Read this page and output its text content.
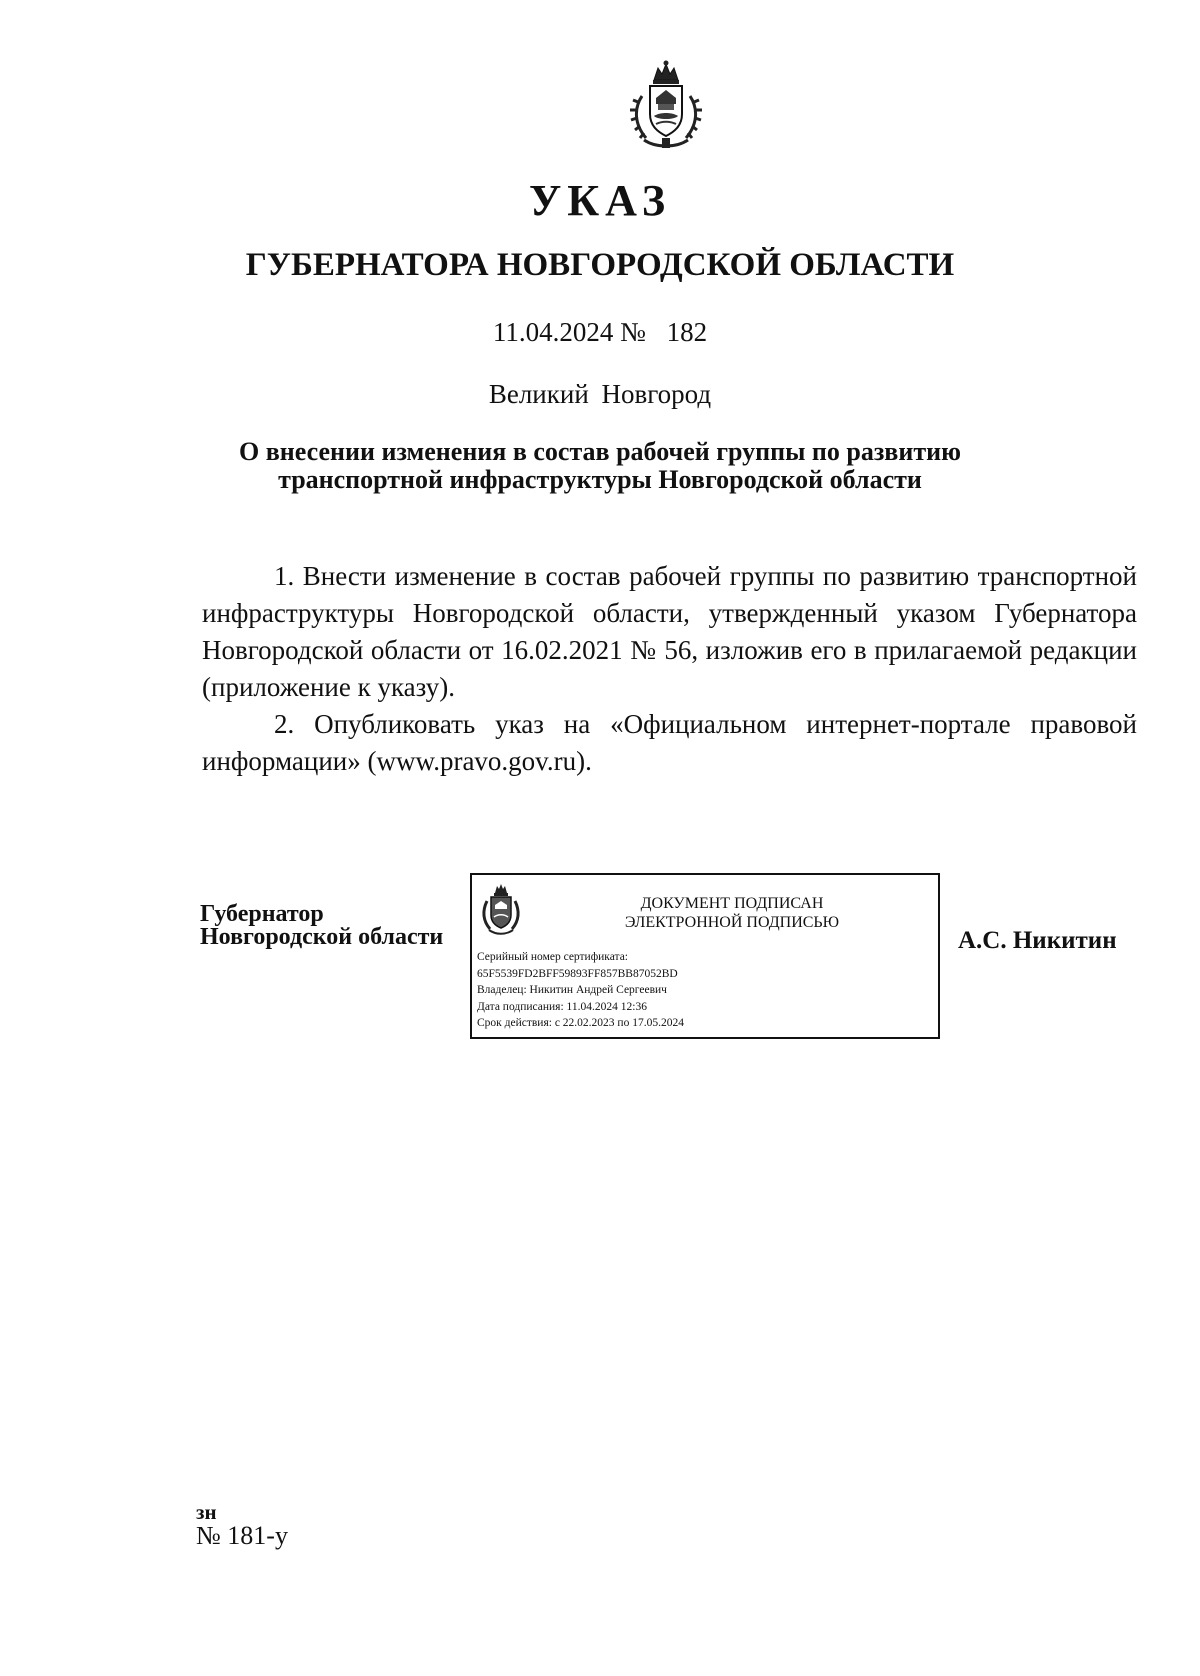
УКАЗ
ГУБЕРНАТОРА НОВГОРОДСКОЙ ОБЛАСТИ
11.04.2024 № 182
Великий Новгород
О внесении изменения в состав рабочей группы по развитию
транспортной инфраструктуры Новгородской области

1. Внести изменение в состав рабочей группы по развитию транспортной инфраструктуры Новгородской области, утвержденный указом Губернатора Новгородской области от 16.02.2021 № 56, изложив его в прилагаемой редакции (приложение к указу).

2. Опубликовать указ на «Официальном интернет-портале правовой информации» (www.pravo.gov.ru).

Губернатор
Новгородской области
ДОКУМЕНТ ПОДПИСАН
ЭЛЕКТРОННОЙ ПОДПИСЬЮ
Серийный номер сертификата:
65F5539FD2BFF59893FF857BB87052BD
Владелец: Никитин Андрей Сергеевич
Дата подписания: 11.04.2024 12:36
Срок действия: с 22.02.2023 по 17.05.2024
А.С. Никитин
зн
№ 181-у
